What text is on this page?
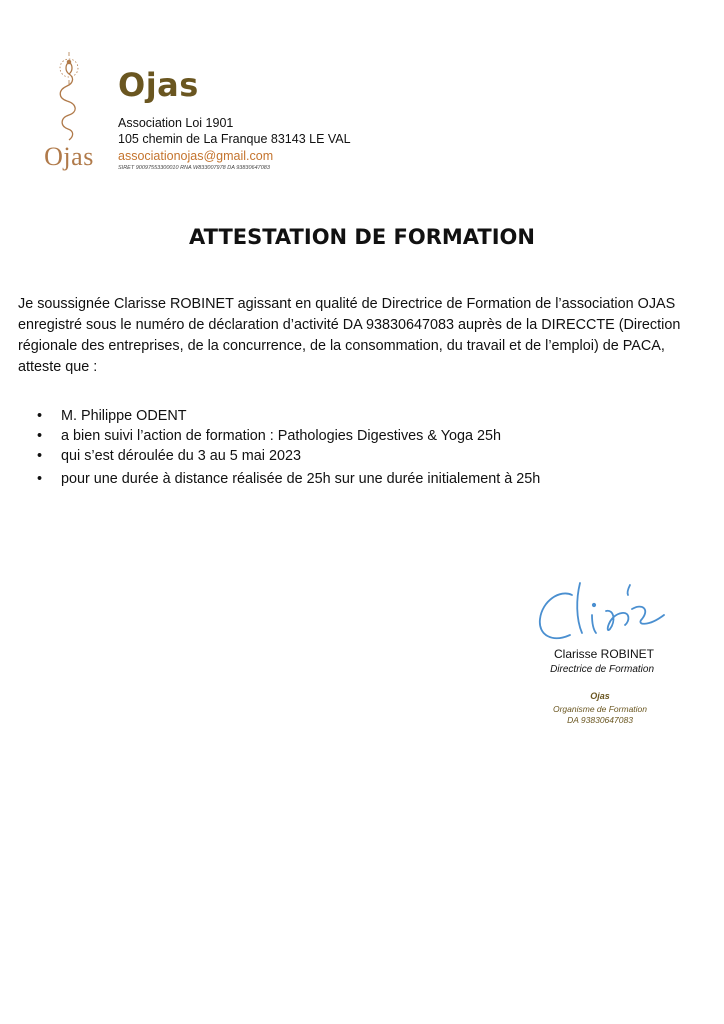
Ojas
Ojas
Association Loi 1901
105 chemin de La Franque 83143 LE VAL
associationojas@gmail.com
SIRET 90097553300010 RNA W833007978 DA 93830647083
ATTESTATION DE FORMATION
Je soussignée Clarisse ROBINET agissant en qualité de Directrice de Formation de l’association OJAS
enregistré sous le numéro de déclaration d’activité DA 93830647083 auprès de la DIRECCTE (Direction
régionale des entreprises, de la concurrence, de la consommation, du travail et de l’emploi) de PACA,
atteste que :
• M. Philippe ODENT
• a bien suivi l’action de formation : Pathologies Digestives & Yoga 25h
• qui s’est déroulée du 3 au 5 mai 2023
• pour une durée à distance réalisée de 25h sur une durée initialement à 25h
Clarisse ROBINET
Directrice de Formation
Ojas
Organisme de Formation
DA 93830647083
